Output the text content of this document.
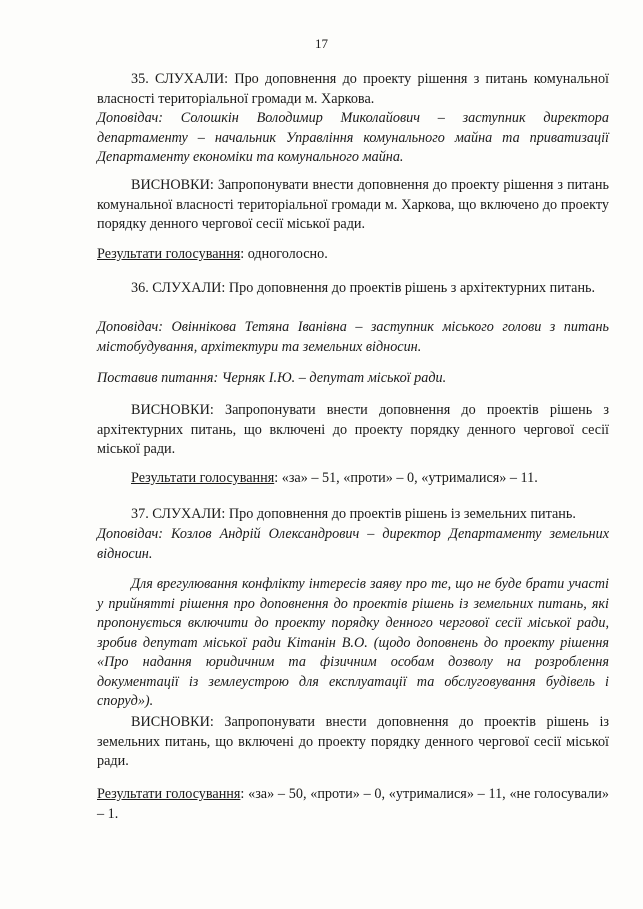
17

35. СЛУХАЛИ: Про доповнення до проекту рішення з питань комунальної власності територіальної громади м. Харкова.

Доповідач: Солошкін Володимир Миколайович – заступник директора департаменту – начальник Управління комунального майна та приватизації Департаменту економіки та комунального майна.

ВИСНОВКИ: Запропонувати внести доповнення до проекту рішення з питань комунальної власності територіальної громади м. Харкова, що включено до проекту порядку денного чергової сесії міської ради.

Результати голосування: одноголосно.

36. СЛУХАЛИ: Про доповнення до проектів рішень з архітектурних питань.

Доповідач: Овіннікова Тетяна Іванівна – заступник міського голови з питань містобудування, архітектури та земельних відносин.

Поставив питання: Черняк І.Ю. – депутат міської ради.

ВИСНОВКИ: Запропонувати внести доповнення до проектів рішень з архітектурних питань, що включені до проекту порядку денного чергової сесії міської ради.

Результати голосування: «за» – 51, «проти» – 0, «утрималися» – 11.

37. СЛУХАЛИ: Про доповнення до проектів рішень із земельних питань.

Доповідач: Козлов Андрій Олександрович – директор Департаменту земельних відносин.

Для врегулювання конфлікту інтересів заяву про те, що не буде брати участі у прийнятті рішення про доповнення до проектів рішень із земельних питань, які пропонується включити до проекту порядку денного чергової сесії міської ради, зробив депутат міської ради Кітанін В.О. (щодо доповнень до проекту рішення «Про надання юридичним та фізичним особам дозволу на розроблення документації із землеустрою для експлуатації та обслуговування будівель і споруд»).

ВИСНОВКИ: Запропонувати внести доповнення до проектів рішень із земельних питань, що включені до проекту порядку денного чергової сесії міської ради.

Результати голосування: «за» – 50, «проти» – 0, «утрималися» – 11, «не голосували» – 1.
